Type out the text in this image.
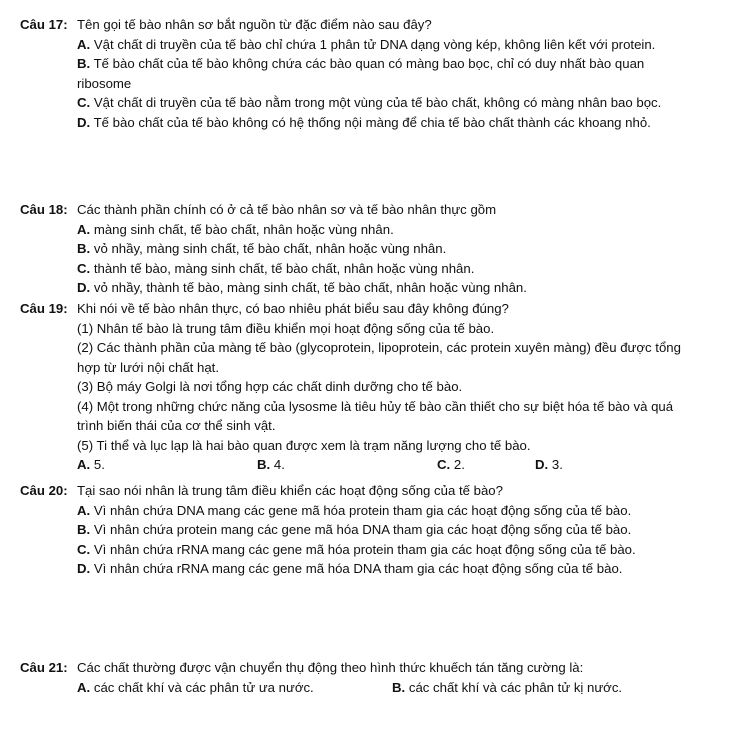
Câu 17: Tên gọi tế bào nhân sơ bắt nguồn từ đặc điểm nào sau đây?
A. Vật chất di truyền của tế bào chỉ chứa 1 phân tử DNA dạng vòng kép, không liên kết với protein.
B. Tế bào chất của tế bào không chứa các bào quan có màng bao bọc, chỉ có duy nhất bào quan ribosome
C. Vật chất di truyền của tế bào nằm trong một vùng của tế bào chất, không có màng nhân bao bọc.
D. Tế bào chất của tế bào không có hệ thống nội màng để chia tế bào chất thành các khoang nhỏ.
Câu 18: Các thành phần chính có ở cả tế bào nhân sơ và tế bào nhân thực gồm
A. màng sinh chất, tế bào chất, nhân hoặc vùng nhân.
B. vỏ nhầy, màng sinh chất, tế bào chất, nhân hoặc vùng nhân.
C. thành tế bào, màng sinh chất, tế bào chất, nhân hoặc vùng nhân.
D. vỏ nhầy, thành tế bào, màng sinh chất, tế bào chất, nhân hoặc vùng nhân.
Câu 19: Khi nói về tế bào nhân thực, có bao nhiêu phát biểu sau đây không đúng?
(1) Nhân tế bào là trung tâm điều khiển mọi hoạt động sống của tế bào.
(2) Các thành phần của màng tế bào (glycoprotein, lipoprotein, các protein xuyên màng) đều được tổng hợp từ lưới nội chất hạt.
(3) Bộ máy Golgi là nơi tổng hợp các chất dinh dưỡng cho tế bào.
(4) Một trong những chức năng của lysosme là tiêu hủy tế bào cần thiết cho sự biệt hóa tế bào và quá trình biến thái của cơ thể sinh vật.
(5) Ti thể và lục lạp là hai bào quan được xem là trạm năng lượng cho tế bào.
A. 5.	B. 4.	C. 2.	D. 3.
Câu 20: Tại sao nói nhân là trung tâm điều khiển các hoạt động sống của tế bào?
A. Vì nhân chứa DNA mang các gene mã hóa protein tham gia các hoạt động sống của tế bào.
B. Vì nhân chứa protein mang các gene mã hóa DNA tham gia các hoạt động sống của tế bào.
C. Vì nhân chứa rRNA mang các gene mã hóa protein tham gia các hoạt động sống của tế bào.
D. Vì nhân chứa rRNA mang các gene mã hóa DNA tham gia các hoạt động sống của tế bào.
Câu 21: Các chất thường được vận chuyển thụ động theo hình thức khuếch tán tăng cường là:
A. các chất khí và các phân tử ưa nước.	B. các chất khí và các phân tử kị nước.
